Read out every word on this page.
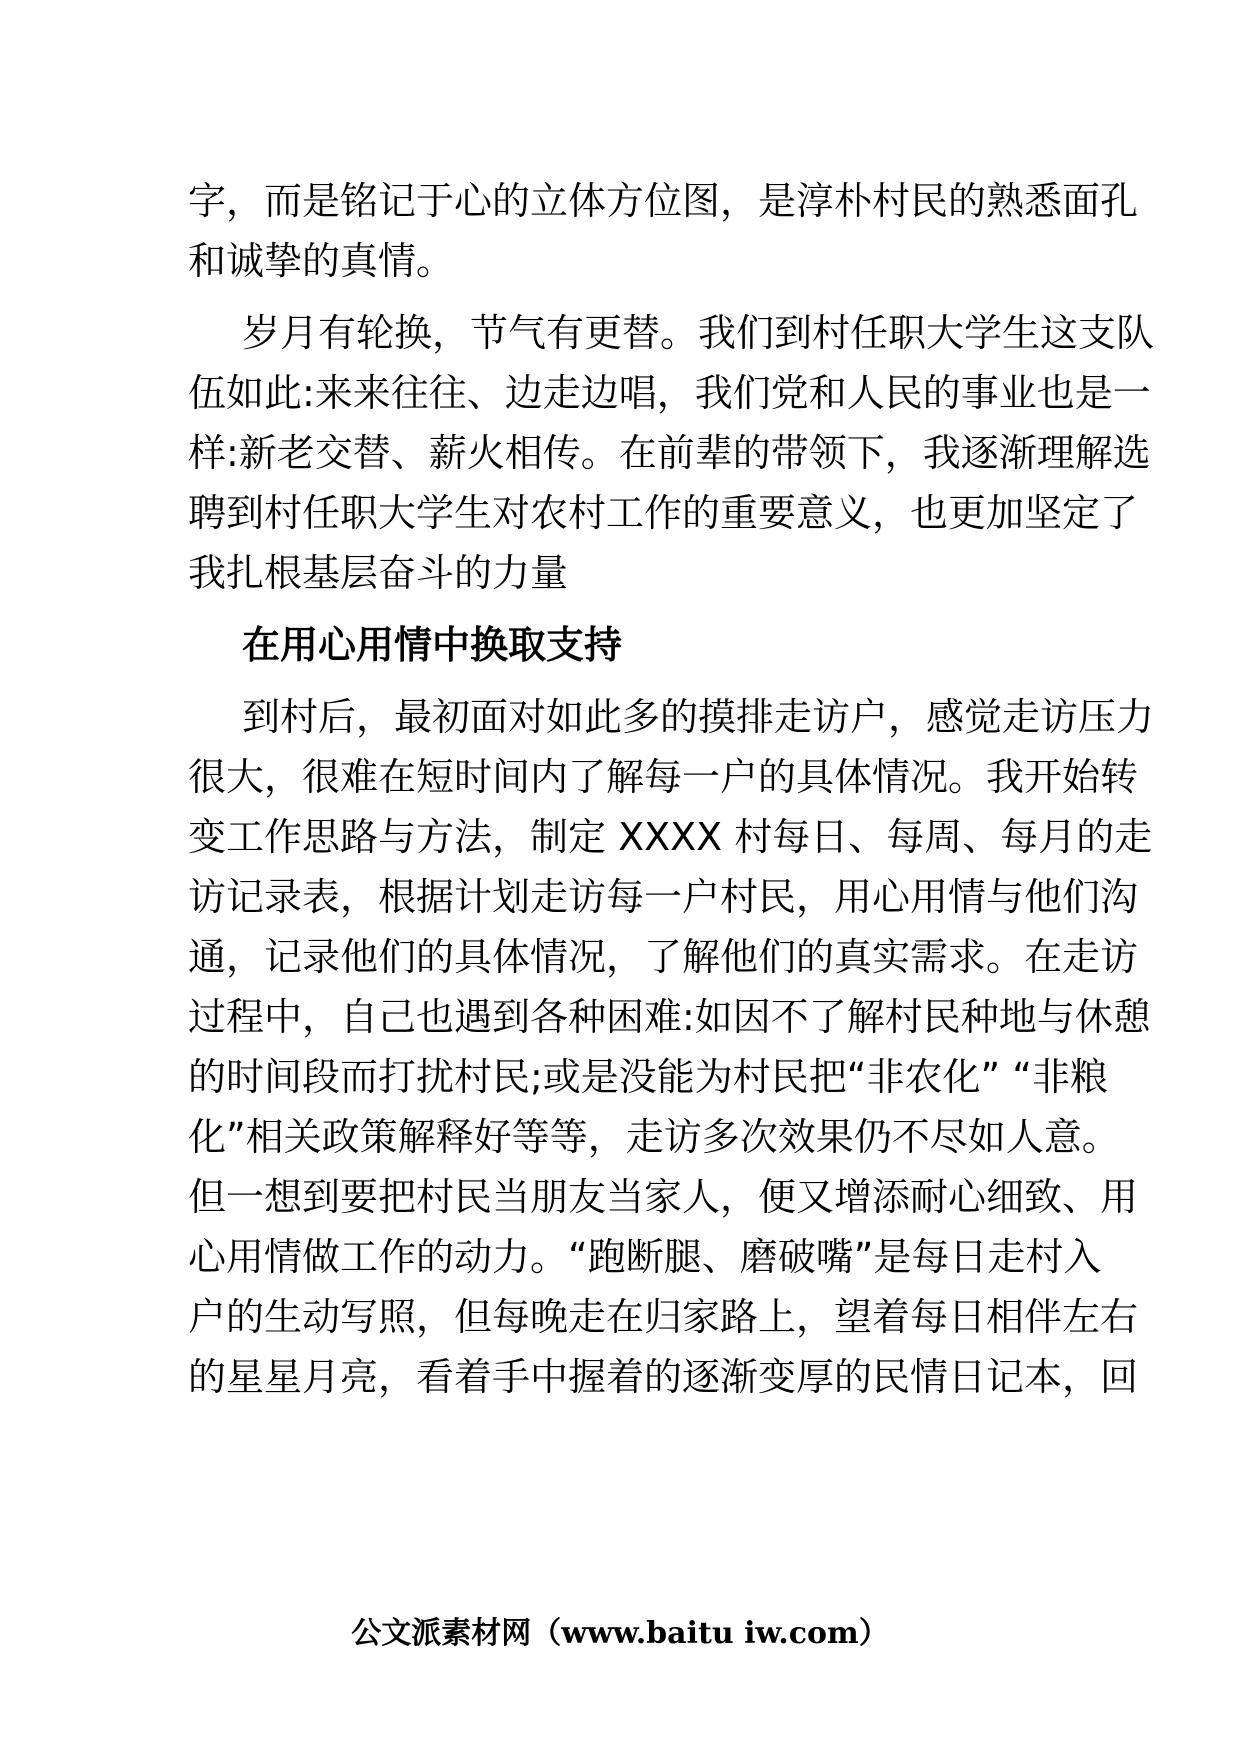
字，而是铭记于心的立体方位图，是淳朴村民的熟悉面孔
和诚挚的真情。
岁月有轮换，节气有更替。我们到村任职大学生这支队
伍如此:来来往往、边走边唱，我们党和人民的事业也是一
样:新老交替、薪火相传。在前辈的带领下，我逐渐理解选
聘到村任职大学生对农村工作的重要意义，也更加坚定了
我扎根基层奋斗的力量
在用心用情中换取支持
到村后，最初面对如此多的摸排走访户，感觉走访压力
很大，很难在短时间内了解每一户的具体情况。我开始转
变工作思路与方法，制定 XXXX 村每日、每周、每月的走
访记录表，根据计划走访每一户村民，用心用情与他们沟
通，记录他们的具体情况，了解他们的真实需求。在走访
过程中，自己也遇到各种困难:如因不了解村民种地与休憩
的时间段而打扰村民;或是没能为村民把“非农化” “非粮
化”相关政策解释好等等，走访多次效果仍不尽如人意。
但一想到要把村民当朋友当家人，便又增添耐心细致、用
心用情做工作的动力。“跑断腿、磨破嘴”是每日走村入
户的生动写照，但每晚走在归家路上，望着每日相伴左右
的星星月亮，看着手中握着的逐渐变厚的民情日记本，回
公文派素材网（www.baitu iw.com）
